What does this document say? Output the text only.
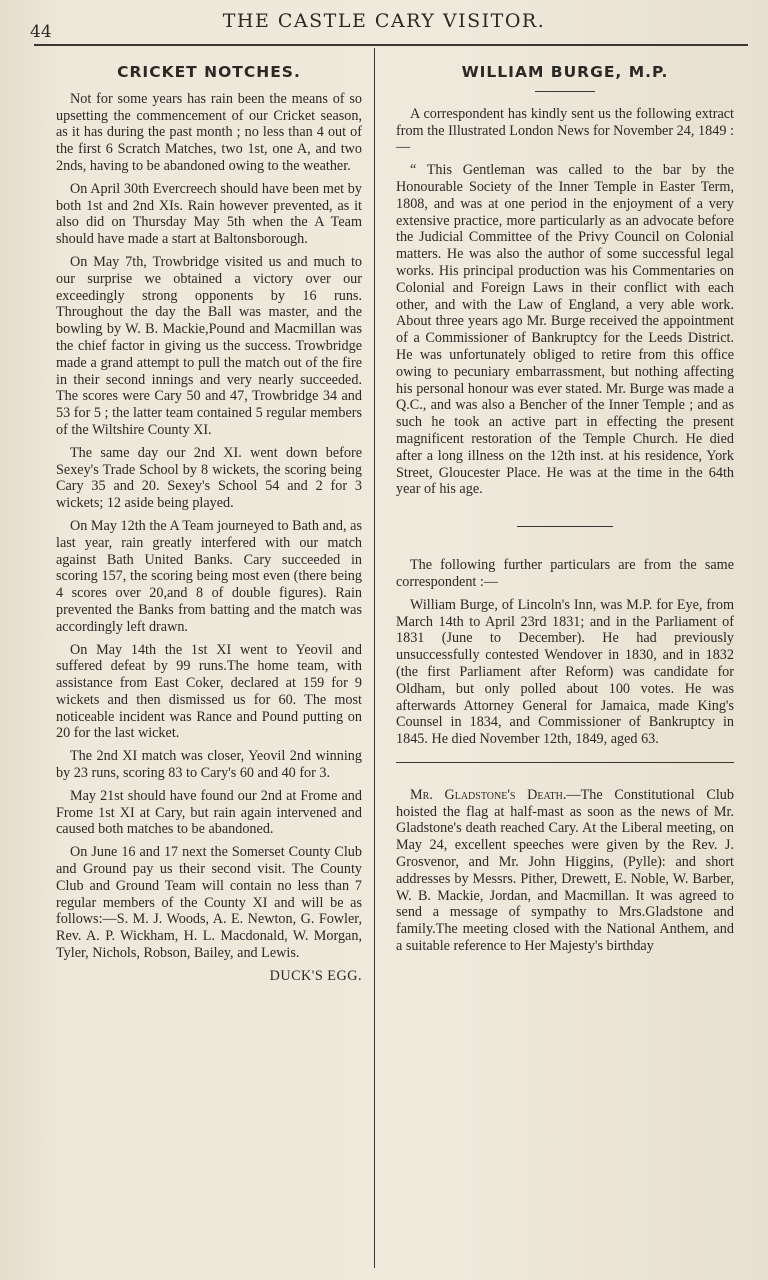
44	THE CASTLE CARY VISITOR.
CRICKET NOTCHES.

Not for some years has rain been the means of so upsetting the commencement of our Cricket season, as it has during the past month ; no less than 4 out of the first 6 Scratch Matches, two 1st, one A, and two 2nds, having to be abandoned owing to the weather.

On April 30th Evercreech should have been met by both 1st and 2nd XIs. Rain however prevented, as it also did on Thursday May 5th when the A Team should have made a start at Baltonsborough.

On May 7th, Trowbridge visited us and much to our surprise we obtained a victory over our exceedingly strong opponents by 16 runs. Throughout the day the Ball was master, and the bowling by W. B. Mackie,Pound and Macmillan was the chief factor in giving us the success. Trowbridge made a grand attempt to pull the match out of the fire in their second innings and very nearly succeeded. The scores were Cary 50 and 47, Trowbridge 34 and 53 for 5 ; the latter team contained 5 regular members of the Wiltshire County XI.

The same day our 2nd XI. went down before Sexey's Trade School by 8 wickets, the scoring being Cary 35 and 20. Sexey's School 54 and 2 for 3 wickets; 12 aside being played.

On May 12th the A Team journeyed to Bath and, as last year, rain greatly interfered with our match against Bath United Banks. Cary succeeded in scoring 157, the scoring being most even (there being 4 scores over 20,and 8 of double figures). Rain prevented the Banks from batting and the match was accordingly left drawn.

On May 14th the 1st XI went to Yeovil and suffered defeat by 99 runs.The home team, with assistance from East Coker, declared at 159 for 9 wickets and then dismissed us for 60. The most noticeable incident was Rance and Pound putting on 20 for the last wicket.

The 2nd XI match was closer, Yeovil 2nd winning by 23 runs, scoring 83 to Cary's 60 and 40 for 3.

May 21st should have found our 2nd at Frome and Frome 1st XI at Cary, but rain again intervened and caused both matches to be abandoned.

On June 16 and 17 next the Somerset County Club and Ground pay us their second visit. The County Club and Ground Team will contain no less than 7 regular members of the County XI and will be as follows:—S. M. J. Woods, A. E. Newton, G. Fowler, Rev. A. P. Wickham, H. L. Macdonald, W. Morgan, Tyler, Nichols, Robson, Bailey, and Lewis.

DUCK'S EGG.

WILLIAM BURGE, M.P.

A correspondent has kindly sent us the following extract from the Illustrated London News for November 24, 1849 :—

“ This Gentleman was called to the bar by the Honourable Society of the Inner Temple in Easter Term, 1808, and was at one period in the enjoyment of a very extensive practice, more particularly as an advocate before the Judicial Committee of the Privy Council on Colonial matters. He was also the author of some successful legal works. His principal production was his Commentaries on Colonial and Foreign Laws in their conflict with each other, and with the Law of England, a very able work. About three years ago Mr. Burge received the appointment of a Commissioner of Bankruptcy for the Leeds District. He was unfortunately obliged to retire from this office owing to pecuniary embarrassment, but nothing affecting his personal honour was ever stated. Mr. Burge was made a Q.C., and was also a Bencher of the Inner Temple ; and as such he took an active part in effecting the present magnificent restoration of the Temple Church. He died after a long illness on the 12th inst. at his residence, York Street, Gloucester Place. He was at the time in the 64th year of his age.

The following further particulars are from the same correspondent :—

William Burge, of Lincoln's Inn, was M.P. for Eye, from March 14th to April 23rd 1831; and in the Parliament of 1831 (June to December). He had previously unsuccessfully contested Wendover in 1830, and in 1832 (the first Parliament after Reform) was candidate for Oldham, but only polled about 100 votes. He was afterwards Attorney General for Jamaica, made King's Counsel in 1834, and Commissioner of Bankruptcy in 1845. He died November 12th, 1849, aged 63.

Mr. Gladstone's Death.—The Constitutional Club hoisted the flag at half-mast as soon as the news of Mr. Gladstone's death reached Cary. At the Liberal meeting, on May 24, excellent speeches were given by the Rev. J. Grosvenor, and Mr. John Higgins, (Pylle): and short addresses by Messrs. Pither, Drewett, E. Noble, W. Barber, W. B. Mackie, Jordan, and Macmillan. It was agreed to send a message of sympathy to Mrs.Gladstone and family.The meeting closed with the National Anthem, and a suitable reference to Her Majesty's birthday
